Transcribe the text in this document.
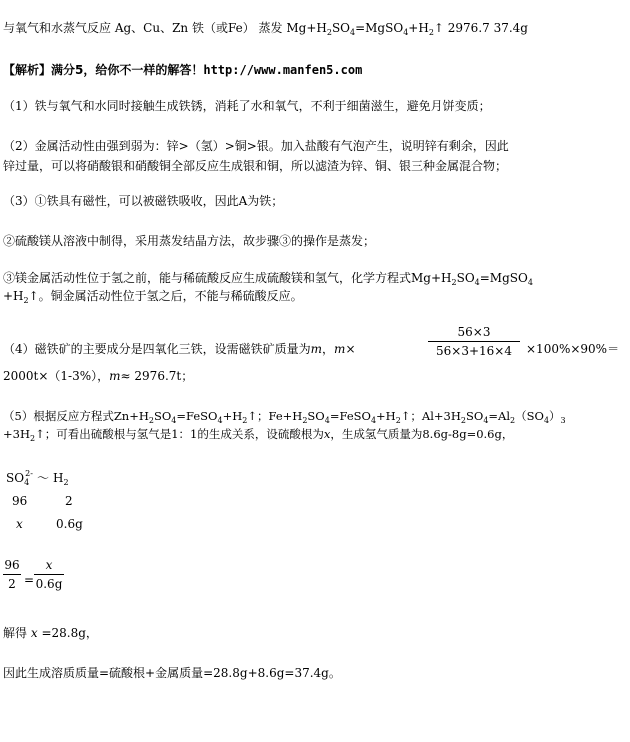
与氧气和水蒸气反应 Ag、Cu、Zn 铁（或Fe） 蒸发 $Mg+H_2SO_4=MgSO_4+H_2↑$ 2976.7 37.4g
【解析】满分5，给你不一样的解答！http://www.manfen5.com
（1）铁与氧气和水同时接触生成铁锈，消耗了水和氧气，不利于细菌滋生，避免月饼变质；
（2）金属活动性由强到弱为：锌>（氢）>铜>银。加入盐酸有气泡产生，说明锌有剩余，因此
锌过量，可以将硝酸银和硝酸铜全部反应生成银和铜，所以滤渣为锌、铜、银三种金属混合物；
（3）①铁具有磁性，可以被磁铁吸收，因此A为铁；
②硫酸镁从溶液中制得，采用蒸发结晶方法，故步骤③的操作是蒸发；
③镁金属活动性位于氢之前，能与稀硫酸反应生成硫酸镁和氢气，化学方程式$Mg+H_2SO_4=MgSO_4$
$+H_2↑$。铜金属活动性位于氢之后，不能与稀硫酸反应。
（4）磁铁矿的主要成分是四氧化三铁，设需磁铁矿质量为m，m×
56×3
56×3+16×4	×100%×90%＝
2000t×（1-3%），m≈ 2976.7t；
（5）根据反应方程式$Zn+H_2SO_4=FeSO_4+H_2↑$；$Fe+H_2SO_4=FeSO_4+H_2↑$；$Al+3H_2SO_4=Al_2(SO_4)_3$
$+3H_2↑$；可看出硫酸根与氢气是1：1的生成关系，设硫酸根为x，生成氢气质量为8.6g-8g=0.6g，
$SO_4^{2-}$ ～ $H_2$
96	2
x	0.6g
96
2 =
x
0.6g
解得 x =28.8g，
因此生成溶质质量=硫酸根+金属质量=28.8g+8.6g=37.4g。
